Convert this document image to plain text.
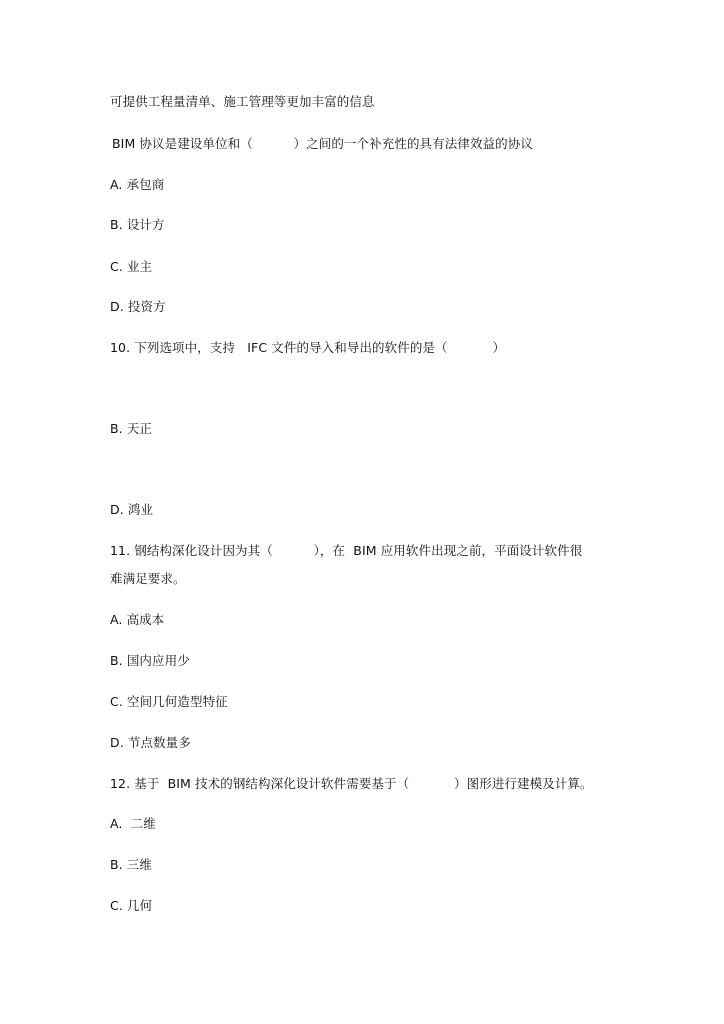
可提供工程量清单、施工管理等更加丰富的信息
BIM 协议是建设单位和（          ）之间的一个补充性的具有法律效益的协议
A. 承包商
B. 设计方
C. 业主
D. 投资方
10. 下列选项中，支持   IFC 文件的导入和导出的软件的是（           ）
B. 天正
D. 鸿业
11. 钢结构深化设计因为其（          ），在  BIM 应用软件出现之前，平面设计软件很
难满足要求。
A. 高成本
B. 国内应用少
C. 空间几何造型特征
D. 节点数量多
12. 基于  BIM 技术的钢结构深化设计软件需要基于（           ）图形进行建模及计算。
A.  二维
B. 三维
C. 几何
